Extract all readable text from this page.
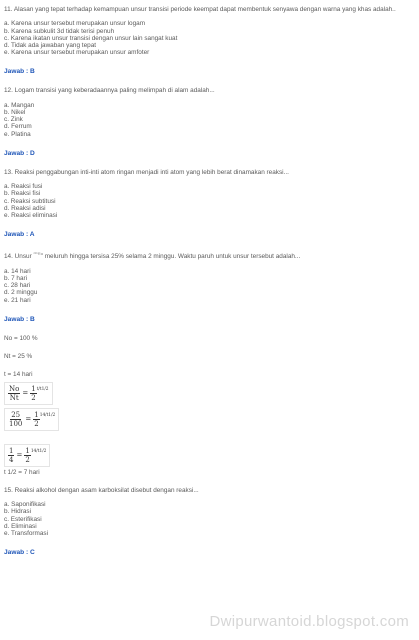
11. Alasan yang tepat terhadap kemampuan unsur transisi periode keempat dapat membentuk senyawa dengan warna yang khas adalah..
a. Karena unsur tersebut merupakan unsur logam
b. Karena subkulit 3d tidak terisi penuh
c. Karena ikatan unsur transisi dengan unsur lain sangat kuat
d. Tidak ada jawaban yang tepat
e. Karena unsur tersebut merupakan unsur amfoter
Jawab : B
12. Logam transisi yang keberadaannya paling melimpah di alam adalah...
a. Mangan
b. Nikel
c. Zink
d. Ferrum
e. Platina
Jawab : D
13. Reaksi penggabungan inti-inti atom ringan menjadi inti atom yang lebih berat dinamakan reaksi...
a. Reaksi fusi
b. Reaksi fisi
c. Reaksi subtitusi
d. Reaksi adisi
e. Reaksi eliminasi
Jawab : A
14. Unsur $^{^{226}Ra}$ meluruh hingga tersisa 25% selama 2 minggu. Waktu paruh untuk unsur tersebut adalah...
a. 14 hari
b. 7 hari
c. 28 hari
d. 2 minggu
e. 21 hari
Jawab : B
No = 100 %
Nt = 25 %
t = 14 hari
$\frac{No}{Nt} = \frac{1}{2} t/t1/2$
$\frac{25}{100} = \frac{1}{2} 14/t1/2$
$\frac{1}{4} = \frac{1}{2} 14/t1/2$
t 1/2 = 7 hari
15. Reaksi alkohol dengan asam karboksilat disebut dengan reaksi...
a. Saponifikasi
b. Hidrasi
c. Esterifikasi
d. Eliminasi
e. Transformasi
Jawab : C
Dwipurwantoid.blogspot.com
